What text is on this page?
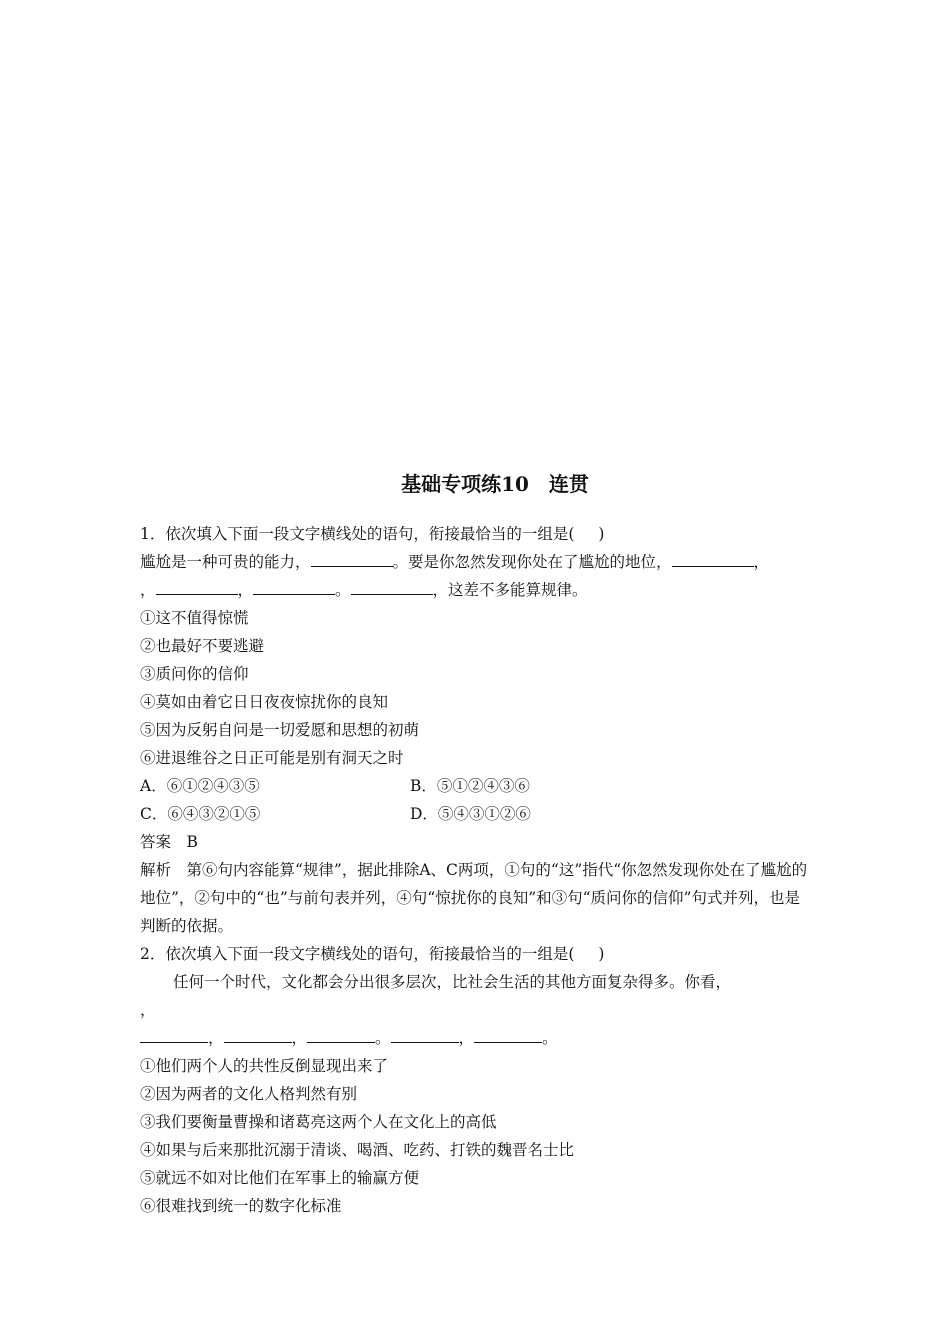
基础专项练10　连贯
1．依次填入下面一段文字横线处的语句，衔接最恰当的一组是( )
尴尬是一种可贵的能力，	。要是你忽然发现你处在了尴尬的地位，	，
，	，	。	，这差不多能算规律。
①这不值得惊慌
②也最好不要逃避
③质问你的信仰
④莫如由着它日日夜夜惊扰你的良知
⑤因为反躬自问是一切爱愿和思想的初萌
⑥进退维谷之日正可能是别有洞天之时
A．⑥①②④③⑤	B．⑤①②④③⑥
C．⑥④③②①⑤	D．⑤④③①②⑥
答案　B
解析　第⑥句内容能算“规律”，据此排除A、C两项，①句的“这”指代“你忽然发现你处在了尴尬的地位”，②句中的“也”与前句表并列，④句“惊扰你的良知”和③句“质问你的信仰”句式并列，也是判断的依据。
2．依次填入下面一段文字横线处的语句，衔接最恰当的一组是( )
任何一个时代，文化都会分出很多层次，比社会生活的其他方面复杂得多。你看，
，
，	，	。	，	。
①他们两个人的共性反倒显现出来了
②因为两者的文化人格判然有别
③我们要衡量曹操和诸葛亮这两个人在文化上的高低
④如果与后来那批沉溺于清谈、喝酒、吃药、打铁的魏晋名士比
⑤就远不如对比他们在军事上的输赢方便
⑥很难找到统一的数字化标准
